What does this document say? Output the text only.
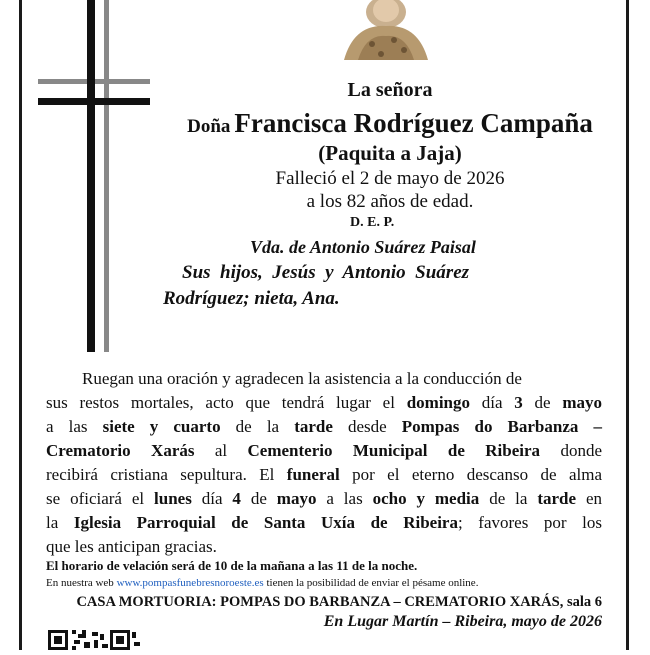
La señora
Doña Francisca Rodríguez Campaña
(Paquita a Jaja)
Falleció el 2 de mayo de 2026
a los 82 años de edad.
D. E. P.
Vda. de Antonio Suárez Paisal
Sus  hijos,  Jesús  y  Antonio  Suárez
Rodríguez; nieta, Ana.
Ruegan una oración y agradecen la asistencia a la conducción de
sus restos mortales, acto que tendrá lugar el domingo día 3 de mayo
a las siete y cuarto de la tarde desde Pompas do Barbanza –
Crematorio Xarás al Cementerio Municipal de Ribeira donde
recibirá cristiana sepultura. El funeral por el eterno descanso de alma
se oficiará el lunes día 4 de mayo a las ocho y media de la tarde en
la Iglesia Parroquial de Santa Uxía de Ribeira; favores por los
que les anticipan gracias.
El horario de velación será de 10 de la mañana a las 11 de la noche.
En nuestra web www.pompasfunebresnoroeste.es tienen la posibilidad de enviar el pésame online.
CASA MORTUORIA: POMPAS DO BARBANZA – CREMATORIO XARÁS, sala 6
En Lugar Martín – Ribeira, mayo de 2026
